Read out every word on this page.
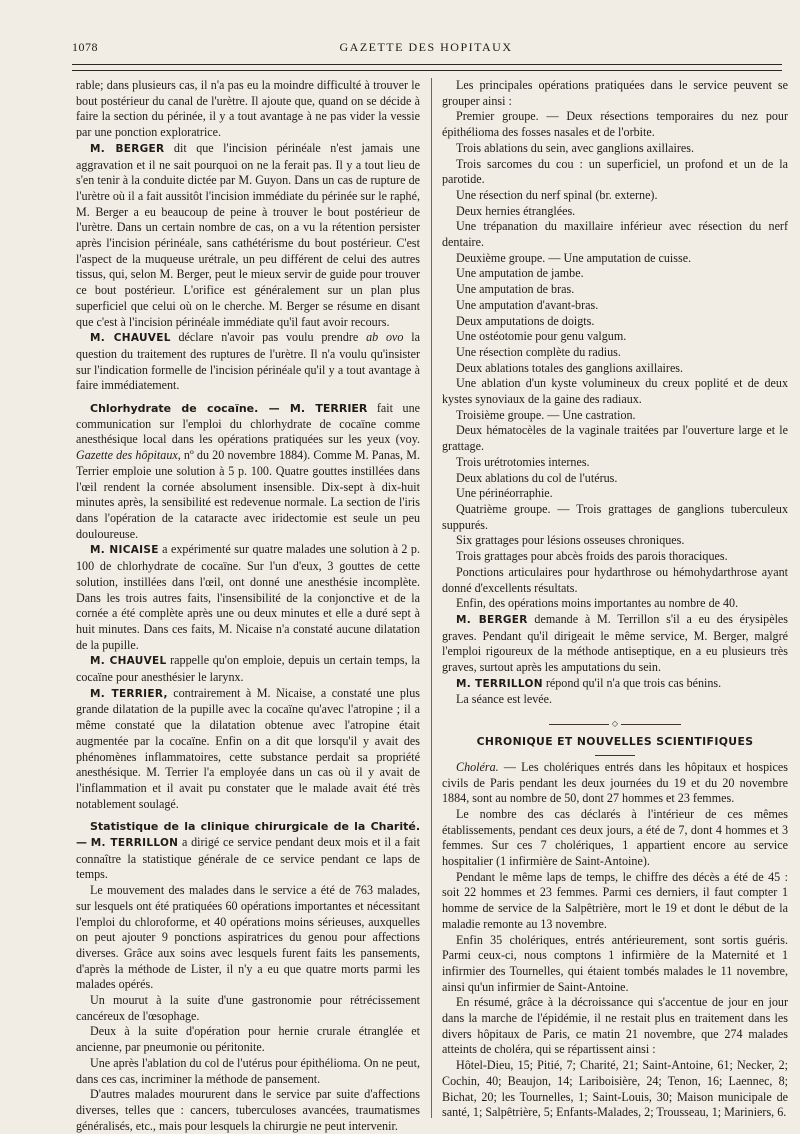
1078	GAZETTE DES HOPITAUX

rable; dans plusieurs cas, il n'a pas eu la moindre difficulté à trouver le bout postérieur du canal de l'urètre. Il ajoute que, quand on se décide à faire la section du périnée, il y a tout avantage à ne pas vider la vessie par une ponction exploratrice.

M. BERGER dit que l'incision périnéale n'est jamais une aggravation et il ne sait pourquoi on ne la ferait pas. Il y a tout lieu de s'en tenir à la conduite dictée par M. Guyon. Dans un cas de rupture de l'urètre où il a fait aussitôt l'incision immédiate du périnée sur le raphé, M. Berger a eu beaucoup de peine à trouver le bout postérieur de l'urètre. Dans un certain nombre de cas, on a vu la rétention persister après l'incision périnéale, sans cathétérisme du bout postérieur. C'est l'aspect de la muqueuse urétrale, un peu différent de celui des autres tissus, qui, selon M. Berger, peut le mieux servir de guide pour trouver ce bout postérieur. L'orifice est généralement sur un plan plus superficiel que celui où on le cherche. M. Berger se résume en disant que c'est à l'incision périnéale immédiate qu'il faut avoir recours.

M. CHAUVEL déclare n'avoir pas voulu prendre ab ovo la question du traitement des ruptures de l'urètre. Il n'a voulu qu'insister sur l'indication formelle de l'incision périnéale qu'il y a tout avantage à faire immédiatement.

Chlorhydrate de cocaïne. — M. TERRIER fait une communication sur l'emploi du chlorhydrate de cocaïne comme anesthésique local dans les opérations pratiquées sur les yeux (voy. Gazette des hôpitaux, nº du 20 novembre 1884). Comme M. Panas, M. Terrier emploie une solution à 5 p. 100. Quatre gouttes instillées dans l'œil rendent la cornée absolument insensible. Dix-sept à dix-huit minutes après, la sensibilité est redevenue normale. La section de l'iris dans l'opération de la cataracte avec iridectomie est seule un peu douloureuse.

M. NICAISE a expérimenté sur quatre malades une solution à 2 p. 100 de chlorhydrate de cocaïne. Sur l'un d'eux, 3 gouttes de cette solution, instillées dans l'œil, ont donné une anesthésie incomplète. Dans les trois autres faits, l'insensibilité de la conjonctive et de la cornée a été complète après une ou deux minutes et elle a duré sept à huit minutes. Dans ces faits, M. Nicaise n'a constaté aucune dilatation de la pupille.

M. CHAUVEL rappelle qu'on emploie, depuis un certain temps, la cocaïne pour anesthésier le larynx.

M. TERRIER, contrairement à M. Nicaise, a constaté une plus grande dilatation de la pupille avec la cocaïne qu'avec l'atropine ; il a même constaté que la dilatation obtenue avec l'atropine était augmentée par la cocaïne. Enfin on a dit que lorsqu'il y avait des phénomènes inflammatoires, cette substance perdait sa propriété anesthésique. M. Terrier l'a employée dans un cas où il y avait de l'inflammation et il avait pu constater que le malade avait été très notablement soulagé.

Statistique de la clinique chirurgicale de la Charité. — M. TERRILLON a dirigé ce service pendant deux mois et il a fait connaître la statistique générale de ce service pendant ce laps de temps.

Le mouvement des malades dans le service a été de 763 malades, sur lesquels ont été pratiquées 60 opérations importantes et nécessitant l'emploi du chloroforme, et 40 opérations moins sérieuses, auxquelles on peut ajouter 9 ponctions aspiratrices du genou pour affections diverses. Grâce aux soins avec lesquels furent faits les pansements, d'après la méthode de Lister, il n'y a eu que quatre morts parmi les malades opérés.

Un mourut à la suite d'une gastronomie pour rétrécissement cancéreux de l'œsophage.

Deux à la suite d'opération pour hernie crurale étranglée et ancienne, par pneumonie ou péritonite.

Une après l'ablation du col de l'utérus pour épithélioma. On ne peut, dans ces cas, incriminer la méthode de pansement.

D'autres malades moururent dans le service par suite d'affections diverses, telles que : cancers, tuberculoses avancées, traumatismes généralisés, etc., mais pour lesquels la chirurgie ne peut intervenir.

Les principales opérations pratiquées dans le service peuvent se grouper ainsi :

Premier groupe. — Deux résections temporaires du nez pour épithélioma des fosses nasales et de l'orbite.

Trois ablations du sein, avec ganglions axillaires.

Trois sarcomes du cou : un superficiel, un profond et un de la parotide.

Une résection du nerf spinal (br. externe).

Deux hernies étranglées.

Une trépanation du maxillaire inférieur avec résection du nerf dentaire.

Deuxième groupe. — Une amputation de cuisse.

Une amputation de jambe.

Une amputation de bras.

Une amputation d'avant-bras.

Deux amputations de doigts.

Une ostéotomie pour genu valgum.

Une résection complète du radius.

Deux ablations totales des ganglions axillaires.

Une ablation d'un kyste volumineux du creux poplité et de deux kystes synoviaux de la gaine des radiaux.

Troisième groupe. — Une castration.

Deux hématocèles de la vaginale traitées par l'ouverture large et le grattage.

Trois urétrotomies internes.

Deux ablations du col de l'utérus.

Une périnéorraphie.

Quatrième groupe. — Trois grattages de ganglions tuberculeux suppurés.

Six grattages pour lésions osseuses chroniques.

Trois grattages pour abcès froids des parois thoraciques.

Ponctions articulaires pour hydarthrose ou hémohydarthrose ayant donné d'excellents résultats.

Enfin, des opérations moins importantes au nombre de 40.

M. BERGER demande à M. Terrillon s'il a eu des érysipèles graves. Pendant qu'il dirigeait le même service, M. Berger, malgré l'emploi rigoureux de la méthode antiseptique, en a eu plusieurs très graves, surtout après les amputations du sein.

M. TERRILLON répond qu'il n'a que trois cas bénins.

La séance est levée.

◇

CHRONIQUE ET NOUVELLES SCIENTIFIQUES

Choléra. — Les cholériques entrés dans les hôpitaux et hospices civils de Paris pendant les deux journées du 19 et du 20 novembre 1884, sont au nombre de 50, dont 27 hommes et 23 femmes.

Le nombre des cas déclarés à l'intérieur de ces mêmes établissements, pendant ces deux jours, a été de 7, dont 4 hommes et 3 femmes. Sur ces 7 cholériques, 1 appartient encore au service hospitalier (1 infirmière de Saint-Antoine).

Pendant le même laps de temps, le chiffre des décès a été de 45 : soit 22 hommes et 23 femmes. Parmi ces derniers, il faut compter 1 homme de service de la Salpêtrière, mort le 19 et dont le début de la maladie remonte au 13 novembre.

Enfin 35 cholériques, entrés antérieurement, sont sortis guéris. Parmi ceux-ci, nous comptons 1 infirmière de la Maternité et 1 infirmier des Tournelles, qui étaient tombés malades le 11 novembre, ainsi qu'un infirmier de Saint-Antoine.

En résumé, grâce à la décroissance qui s'accentue de jour en jour dans la marche de l'épidémie, il ne restait plus en traitement dans les divers hôpitaux de Paris, ce matin 21 novembre, que 274 malades atteints de choléra, qui se répartissent ainsi :

Hôtel-Dieu, 15; Pitié, 7; Charité, 21; Saint-Antoine, 61; Necker, 2; Cochin, 40; Beaujon, 14; Lariboisière, 24; Tenon, 16; Laennec, 8; Bichat, 20; les Tournelles, 1; Saint-Louis, 30; Maison municipale de santé, 1; Salpêtrière, 5; Enfants-Malades, 2; Trousseau, 1; Mariniers, 6.
